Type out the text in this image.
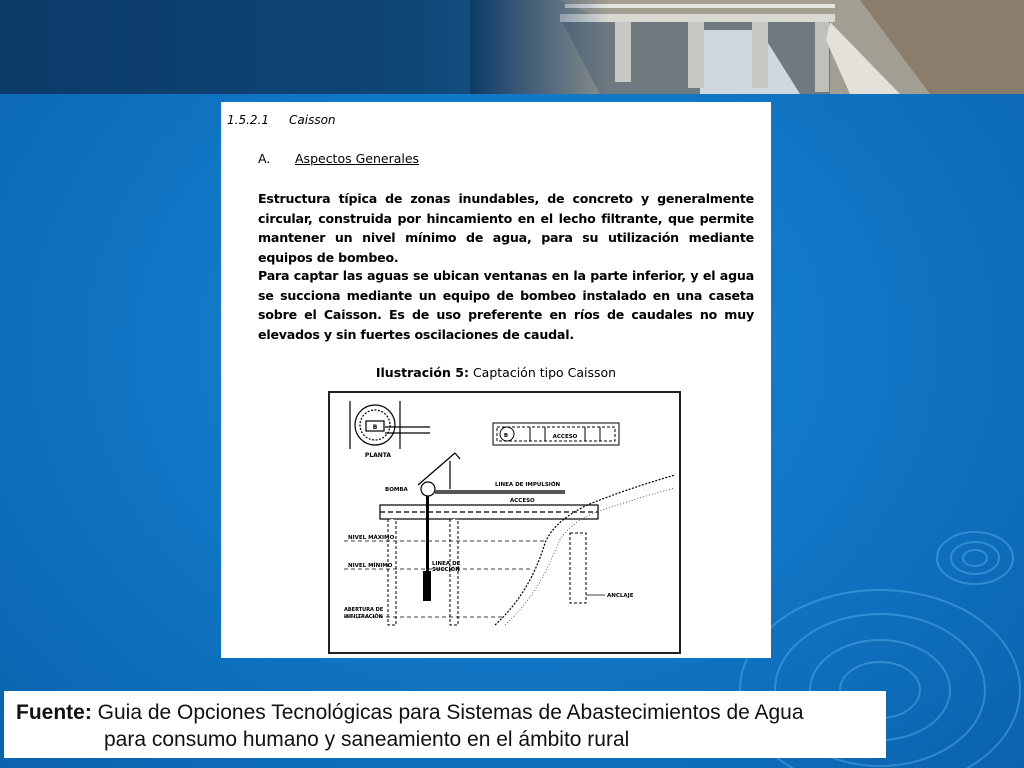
1.5.2.1 Caisson
A. Aspectos Generales
Estructura típica de zonas inundables, de concreto y generalmente circular, construida por hincamiento en el lecho filtrante, que permite mantener un nivel mínimo de agua, para su utilización mediante equipos de bombeo.
Para captar las aguas se ubican ventanas en la parte inferior, y el agua se succiona mediante un equipo de bombeo instalado en una caseta sobre el Caisson. Es de uso preferente en ríos de caudales no muy elevados y sin fuertes oscilaciones de caudal.
Ilustración 5: Captación tipo Caisson
B
PLANTA
B	ACCESO
BOMBA
LINEA DE IMPULSIÓN
ACCESO
NIVEL MÁXIMO
NIVEL MÍNIMO	LINEA DE
SUCCIÓN
ABERTURA DE
INFILTRACIÓN
ANCLAJE
Fuente: Guia de Opciones Tecnológicas para Sistemas de Abastecimientos de Agua
para consumo humano y saneamiento en el ámbito rural
